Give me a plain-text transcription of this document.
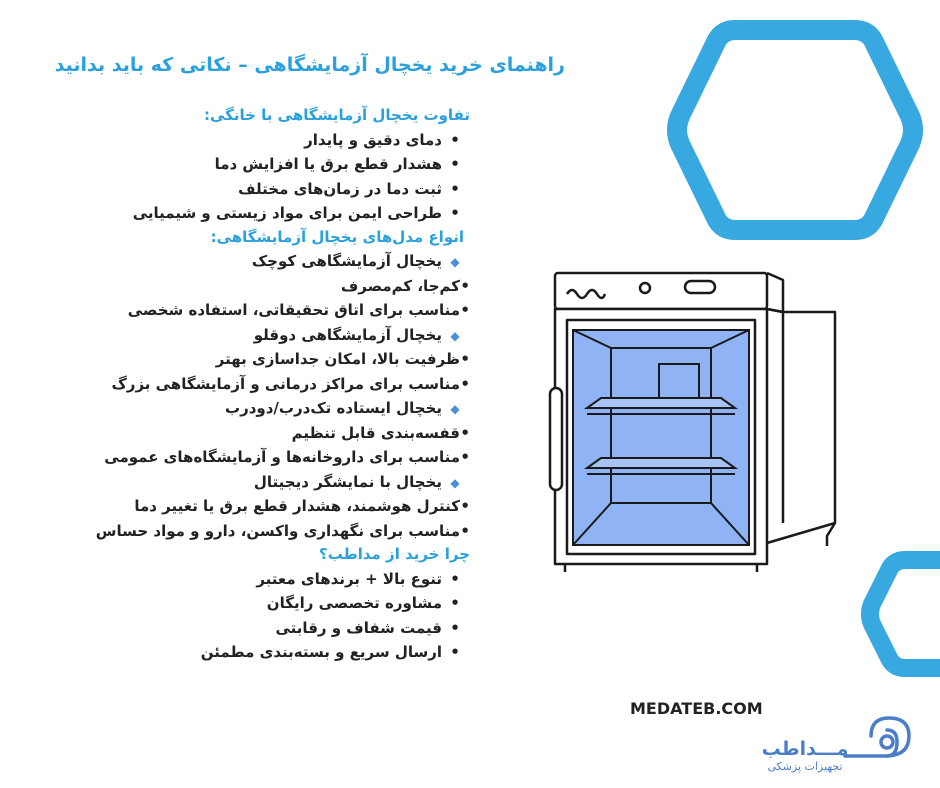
راهنمای خرید یخچال آزمایشگاهی – نکاتی که باید بدانید
تفاوت یخچال آزمایشگاهی با خانگی:
•دمای دقیق و پایدار
•هشدار قطع برق یا افزایش دما
•ثبت دما در زمان‌های مختلف
•طراحی ایمن برای مواد زیستی و شیمیایی
انواع مدل‌های یخچال آزمایشگاهی:
◆یخچال آزمایشگاهی کوچک
•کم‌جا، کم‌مصرف
•مناسب برای اتاق تحقیقاتی، استفاده شخصی
◆یخچال آزمایشگاهی دوقلو
•ظرفیت بالا، امکان جداسازی بهتر
•مناسب برای مراکز درمانی و آزمایشگاهی بزرگ
◆یخچال ایستاده تک‌درب/دودرب
•قفسه‌بندی قابل تنظیم
•مناسب برای داروخانه‌ها و آزمایشگاه‌های عمومی
◆یخچال با نمایشگر دیجیتال
•کنترل هوشمند، هشدار قطع برق یا تغییر دما
•مناسب برای نگهداری واکسن، دارو و مواد حساس
چرا خرید از مداطب؟
•تنوع بالا + برندهای معتبر
•مشاوره تخصصی رایگان
•قیمت شفاف و رقابتی
•ارسال سریع و بسته‌بندی مطمئن
MEDATEB.COM
مـــداطب
تجهیزات پزشکی
